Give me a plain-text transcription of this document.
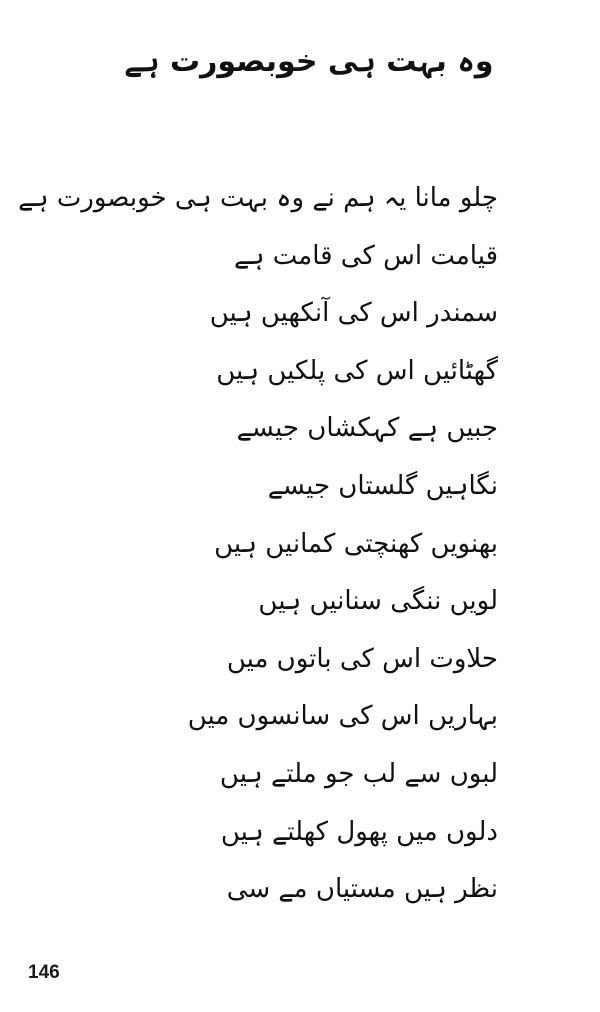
وہ بہت ہی خوبصورت ہے
چلو مانا یہ ہم نے وہ بہت ہی خوبصورت ہے
قیامت اس کی قامت ہے
سمندر اس کی آنکھیں ہیں
گھٹائیں اس کی پلکیں ہیں
جبیں ہے کہکشاں جیسے
نگاہیں گلستاں جیسے
بھنویں کھنچتی کمانیں ہیں
لویں ننگی سنانیں ہیں
حلاوت اس کی باتوں میں
بہاریں اس کی سانسوں میں
لبوں سے لب جو ملتے ہیں
دلوں میں پھول کھلتے ہیں
نظر ہیں مستیاں مے سی
146
